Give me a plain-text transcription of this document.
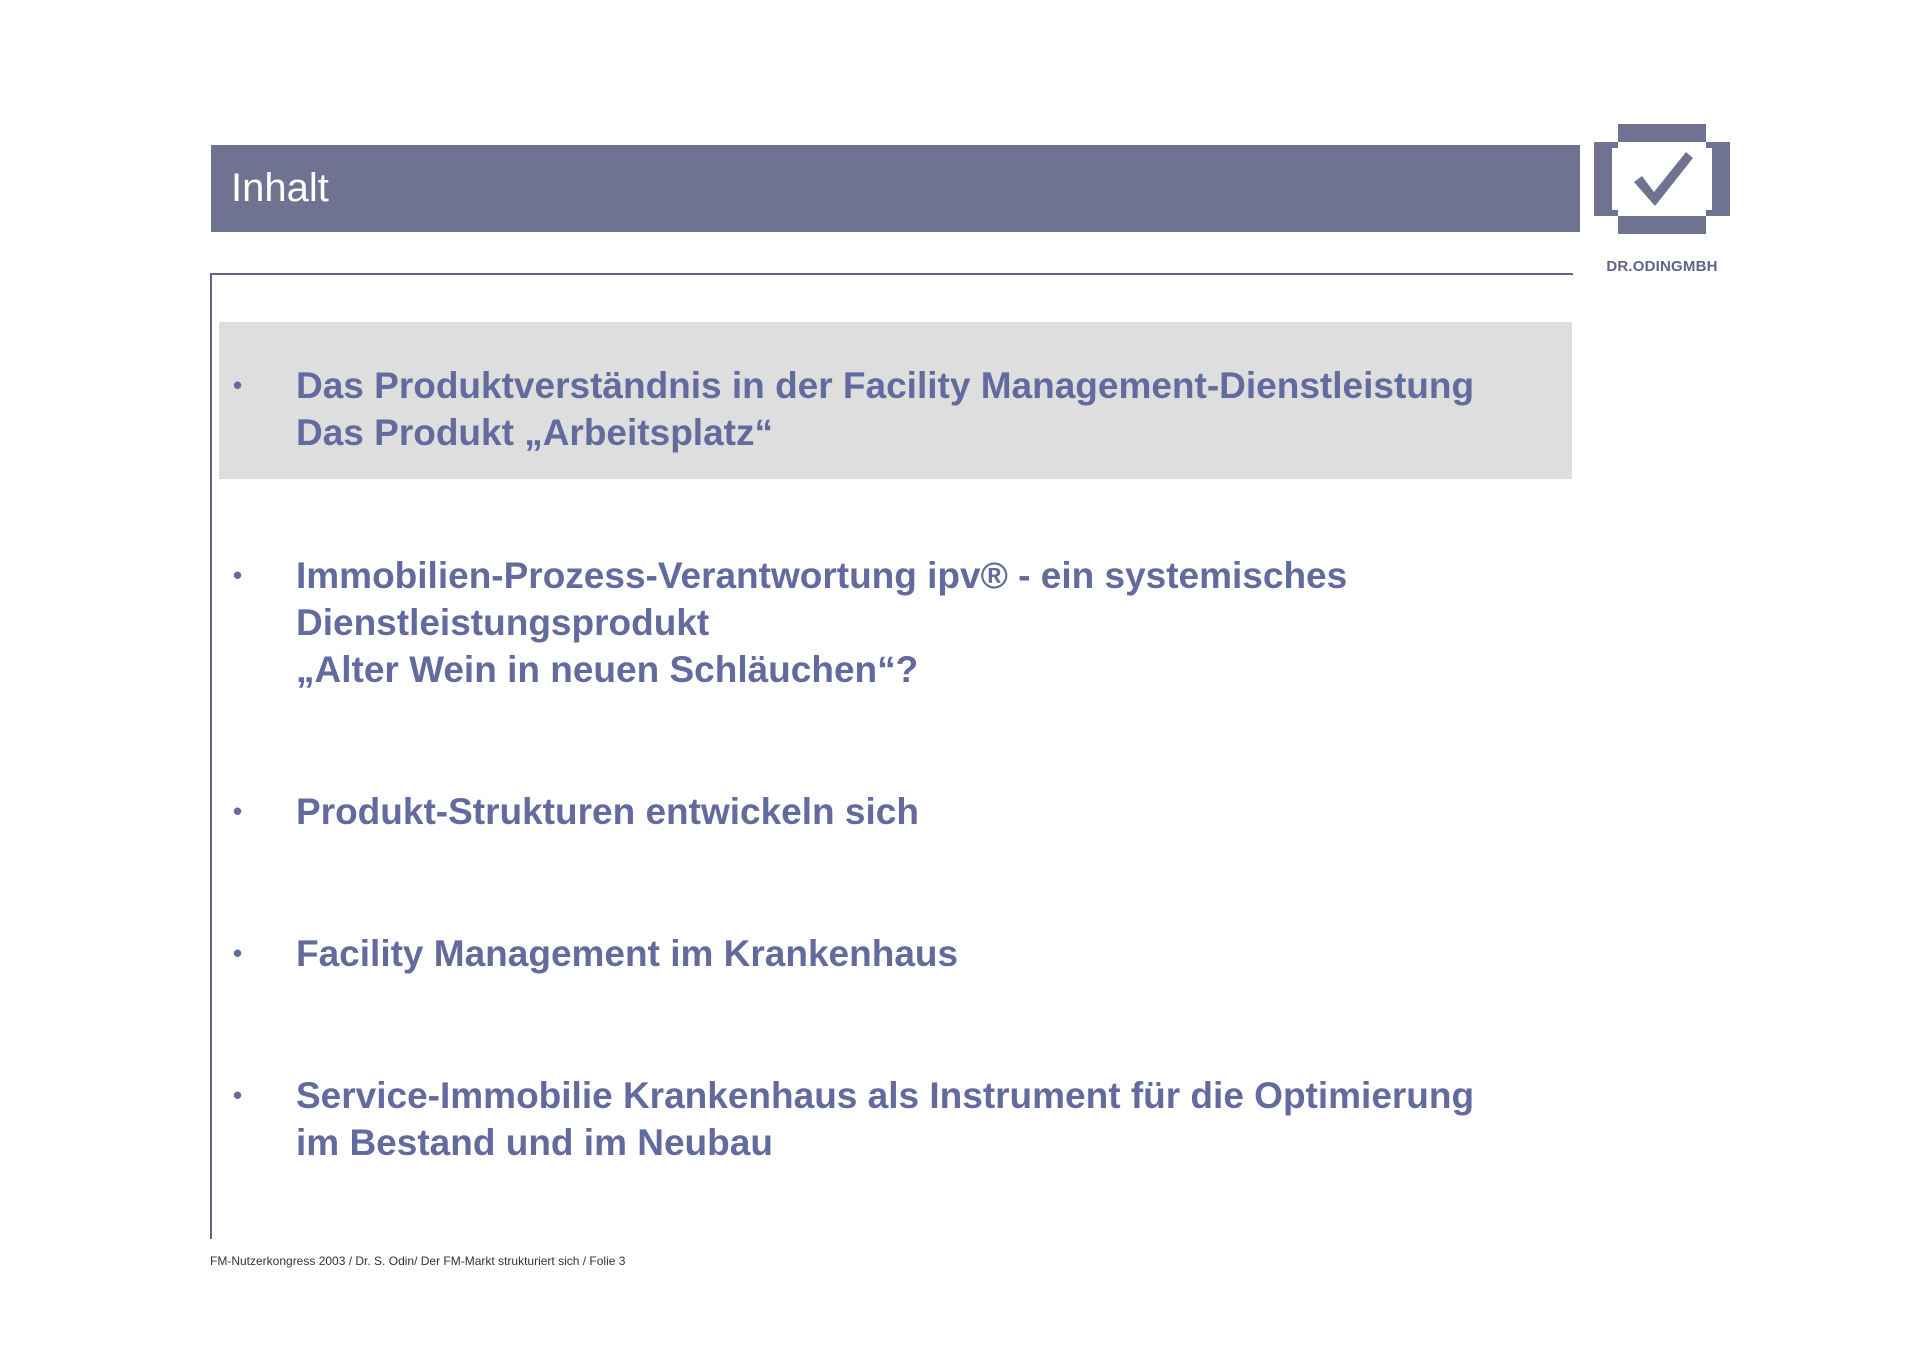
Inhalt
DR.ODINGMBH
• Das Produktverständnis in der Facility Management-Dienstleistung
Das Produkt „Arbeitsplatz“
• Immobilien-Prozess-Verantwortung ipv® - ein systemisches
Dienstleistungsprodukt
„Alter Wein in neuen Schläuchen“?
• Produkt-Strukturen entwickeln sich
• Facility Management im Krankenhaus
• Service-Immobilie Krankenhaus als Instrument für die Optimierung
im Bestand und im Neubau
FM-Nutzerkongress 2003 / Dr. S. Odin/ Der FM-Markt strukturiert sich / Folie 3
